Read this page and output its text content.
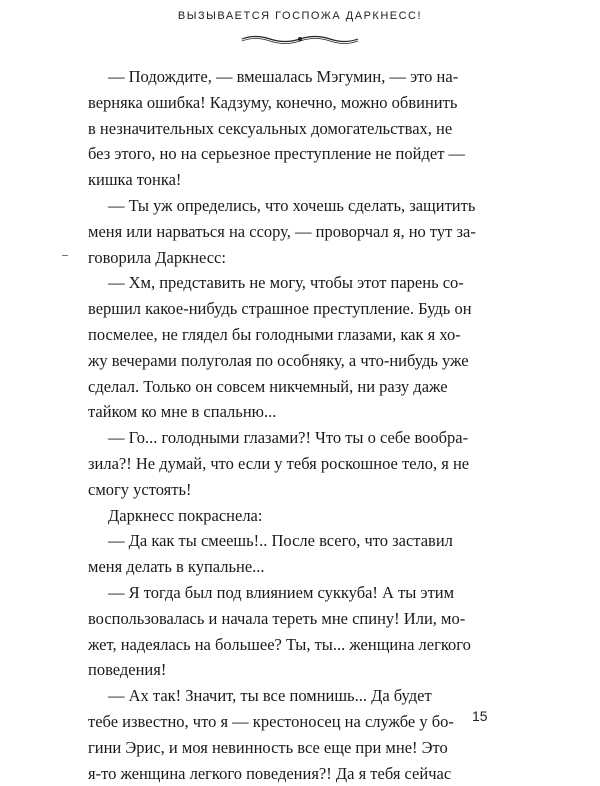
ВЫЗЫВАЕТСЯ ГОСПОЖА ДАРКНЕСС!
— Подождите, — вмешалась Мэгумин, — это на-
верняка ошибка! Кадзуму, конечно, можно обвинить
в незначительных сексуальных домогательствах, не
без этого, но на серьезное преступление не пойдет —
кишка тонка!
— Ты уж определись, что хочешь сделать, защитить
меня или нарваться на ссору, — проворчал я, но тут за-
говорила Даркнесс:
— Хм, представить не могу, чтобы этот парень со-
вершил какое-нибудь страшное преступление. Будь он
посмелее, не глядел бы голодными глазами, как я хо-
жу вечерами полуголая по особняку, а что-нибудь уже
сделал. Только он совсем никчемный, ни разу даже
тайком ко мне в спальню...
— Го... голодными глазами?! Что ты о себе вообра-
зила?! Не думай, что если у тебя роскошное тело, я не
смогу устоять!
Даркнесс покраснела:
— Да как ты смеешь!.. После всего, что заставил
меня делать в купальне...
— Я тогда был под влиянием суккуба! А ты этим
воспользовалась и начала тереть мне спину! Или, мо-
жет, надеялась на большее? Ты, ты... женщина легкого
поведения!
— Ах так! Значит, ты все помнишь... Да будет
тебе известно, что я — крестоносец на службе у бо-
гини Эрис, и моя невинность все еще при мне! Это
я-то женщина легкого поведения?! Да я тебя сейчас
15
